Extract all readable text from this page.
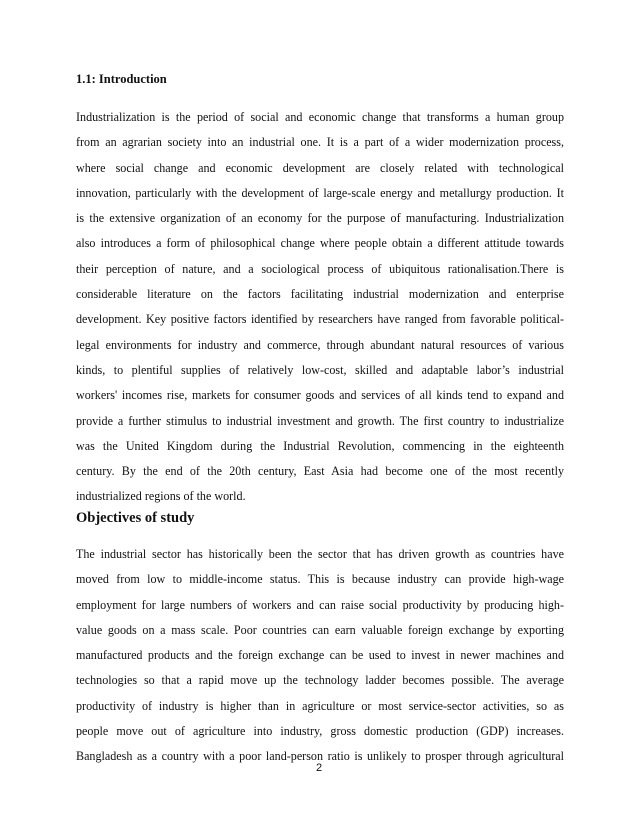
1.1: Introduction
Industrialization is the period of social and economic change that transforms a human group
from an agrarian society into an industrial one. It is a part of a wider modernization process,
where social change and economic development are closely related with technological
innovation, particularly with the development of large-scale energy and metallurgy production. It
is the extensive organization of an economy for the purpose of manufacturing. Industrialization
also introduces a form of philosophical change where people obtain a different attitude towards
their perception of nature, and a sociological process of ubiquitous rationalisation.There is
considerable literature on the factors facilitating industrial modernization and enterprise
development. Key positive factors identified by researchers have ranged from favorable political-
legal environments for industry and commerce, through abundant natural resources of various
kinds, to plentiful supplies of relatively low-cost, skilled and adaptable labor’s industrial
workers' incomes rise, markets for consumer goods and services of all kinds tend to expand and
provide a further stimulus to industrial investment and growth. The first country to industrialize
was the United Kingdom during the Industrial Revolution, commencing in the eighteenth
century. By the end of the 20th century, East Asia had become one of the most recently
industrialized regions of the world.
Objectives of study
The industrial sector has historically been the sector that has driven growth as countries have
moved from low to middle-income status. This is because industry can provide high-wage
employment for large numbers of workers and can raise social productivity by producing high-
value goods on a mass scale. Poor countries can earn valuable foreign exchange by exporting
manufactured products and the foreign exchange can be used to invest in newer machines and
technologies so that a rapid move up the technology ladder becomes possible. The average
productivity of industry is higher than in agriculture or most service-sector activities, so as
people move out of agriculture into industry, gross domestic production (GDP) increases.
Bangladesh as a country with a poor land-person ratio is unlikely to prosper through agricultural
2
